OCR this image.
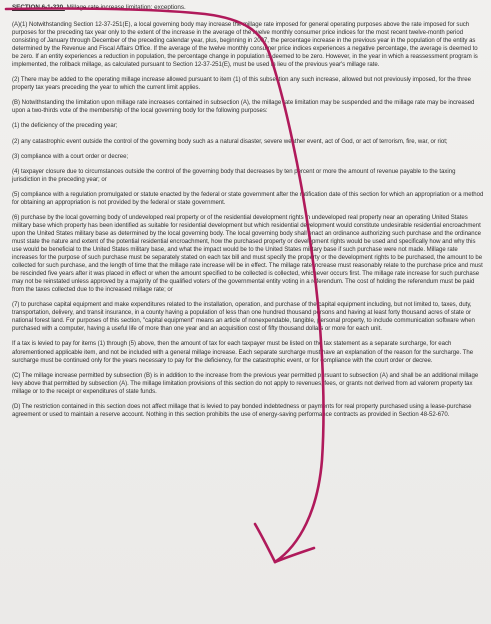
SECTION 6-1-320. Millage rate increase limitation; exceptions.

(A)(1) Notwithstanding Section 12-37-251(E), a local governing body may increase the millage rate imposed for general operating purposes above the rate imposed for such purposes for the preceding tax year only to the extent of the increase in the average of the twelve monthly consumer price indices for the most recent twelve-month period consisting of January through December of the preceding calendar year, plus, beginning in 2007, the percentage increase in the previous year in the population of the entity as determined by the Revenue and Fiscal Affairs Office. If the average of the twelve monthly consumer price indices experiences a negative percentage, the average is deemed to be zero. If an entity experiences a reduction in population, the percentage change in population is deemed to be zero. However, in the year in which a reassessment program is implemented, the rollback millage, as calculated pursuant to Section 12-37-251(E), must be used in lieu of the previous year's millage rate.

(2) There may be added to the operating millage increase allowed pursuant to item (1) of this subsection any such increase, allowed but not previously imposed, for the three property tax years preceding the year to which the current limit applies.

(B) Notwithstanding the limitation upon millage rate increases contained in subsection (A), the millage rate limitation may be suspended and the millage rate may be increased upon a two-thirds vote of the membership of the local governing body for the following purposes:

(1) the deficiency of the preceding year;

(2) any catastrophic event outside the control of the governing body such as a natural disaster, severe weather event, act of God, or act of terrorism, fire, war, or riot;

(3) compliance with a court order or decree;

(4) taxpayer closure due to circumstances outside the control of the governing body that decreases by ten percent or more the amount of revenue payable to the taxing jurisdiction in the preceding year; or

(5) compliance with a regulation promulgated or statute enacted by the federal or state government after the ratification date of this section for which an appropriation or a method for obtaining an appropriation is not provided by the federal or state government.

(6) purchase by the local governing body of undeveloped real property or of the residential development rights in undeveloped real property near an operating United States military base which property has been identified as suitable for residential development but which residential development would constitute undesirable residential encroachment upon the United States military base as determined by the local governing body. The local governing body shall enact an ordinance authorizing such purchase and the ordinance must state the nature and extent of the potential residential encroachment, how the purchased property or development rights would be used and specifically how and why this use would be beneficial to the United States military base, and what the impact would be to the United States military base if such purchase were not made. Millage rate increases for the purpose of such purchase must be separately stated on each tax bill and must specify the property or the development rights to be purchased, the amount to be collected for such purchase, and the length of time that the millage rate increase will be in effect. The millage rate increase must reasonably relate to the purchase price and must be rescinded five years after it was placed in effect or when the amount specified to be collected is collected, whichever occurs first. The millage rate increase for such purchase may not be reinstated unless approved by a majority of the qualified voters of the governmental entity voting in a referendum. The cost of holding the referendum must be paid from the taxes collected due to the increased millage rate; or

(7) to purchase capital equipment and make expenditures related to the installation, operation, and purchase of the capital equipment including, but not limited to, taxes, duty, transportation, delivery, and transit insurance, in a county having a population of less than one hundred thousand persons and having at least forty thousand acres of state or national forest land. For purposes of this section, "capital equipment" means an article of nonexpendable, tangible, personal property, to include communication software when purchased with a computer, having a useful life of more than one year and an acquisition cost of fifty thousand dollars or more for each unit.

If a tax is levied to pay for items (1) through (5) above, then the amount of tax for each taxpayer must be listed on the tax statement as a separate surcharge, for each aforementioned applicable item, and not be included with a general millage increase. Each separate surcharge must have an explanation of the reason for the surcharge. The surcharge must be continued only for the years necessary to pay for the deficiency, for the catastrophic event, or for compliance with the court order or decree.

(C) The millage increase permitted by subsection (B) is in addition to the increase from the previous year permitted pursuant to subsection (A) and shall be an additional millage levy above that permitted by subsection (A). The millage limitation provisions of this section do not apply to revenues, fees, or grants not derived from ad valorem property tax millage or to the receipt or expenditures of state funds.

(D) The restriction contained in this section does not affect millage that is levied to pay bonded indebtedness or payments for real property purchased using a lease-purchase agreement or used to maintain a reserve account. Nothing in this section prohibits the use of energy-saving performance contracts as provided in Section 48-52-670.
